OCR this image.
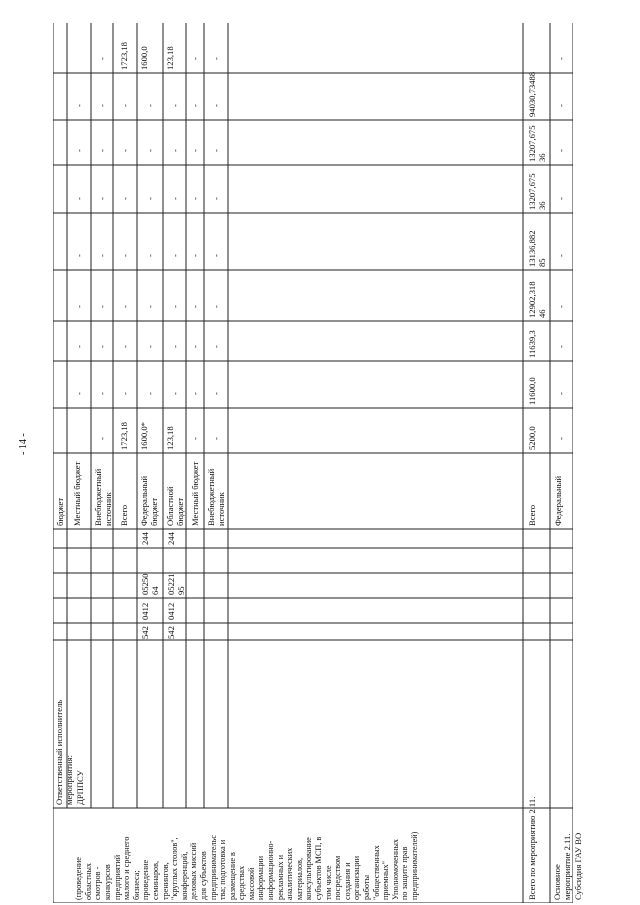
- 14 -

(проведение областных смотров - конкурсов предприятий малого и среднего бизнеса; проведение семинаров, тренингов, "круглых столов", конференций, деловых миссий для субъектов предпринимательс тва; подготовка и размещение в средствах массовой информации информационно- рекламных и аналитических материалов, консультирование субъектов МСП, в том числе посредством создания и организации работы "общественных приемных" Уполномоченных по защите прав предпринимателей)

Ответственный исполнитель мероприятия: ДРППСУ
542
0412
05250
64
244
542
0412
05221
95
244
бюджет Местный бюджет Внебюджетный
источник Всего Федеральный
бюджет Областной
бюджет Местный бюджет Внебюджетный
источник	Всего Федеральный
1723,18 1600,0* 123,18
1723,18 1600,0 123,18
Всего по мероприятию 2.11.
5200,0
11600,0
11639,3
12902,318
46
13136,882
85
13207,675
36
13207,675
36
94030,73488
Основное мероприятие 2.11. Субсидия ГАУ ВО
-
-
-
-
-
-
-
-
-
-
-
-
-
-
-
-
-
-
-
-
-
-
-
-
-
-
-
-
-
-
-
-
-
-
-
-
-
-
-
-
-
-
-
-
-
-
-
-
-
-
-
-
-
-
-
-
-
-
-
-
-
-
-
-
